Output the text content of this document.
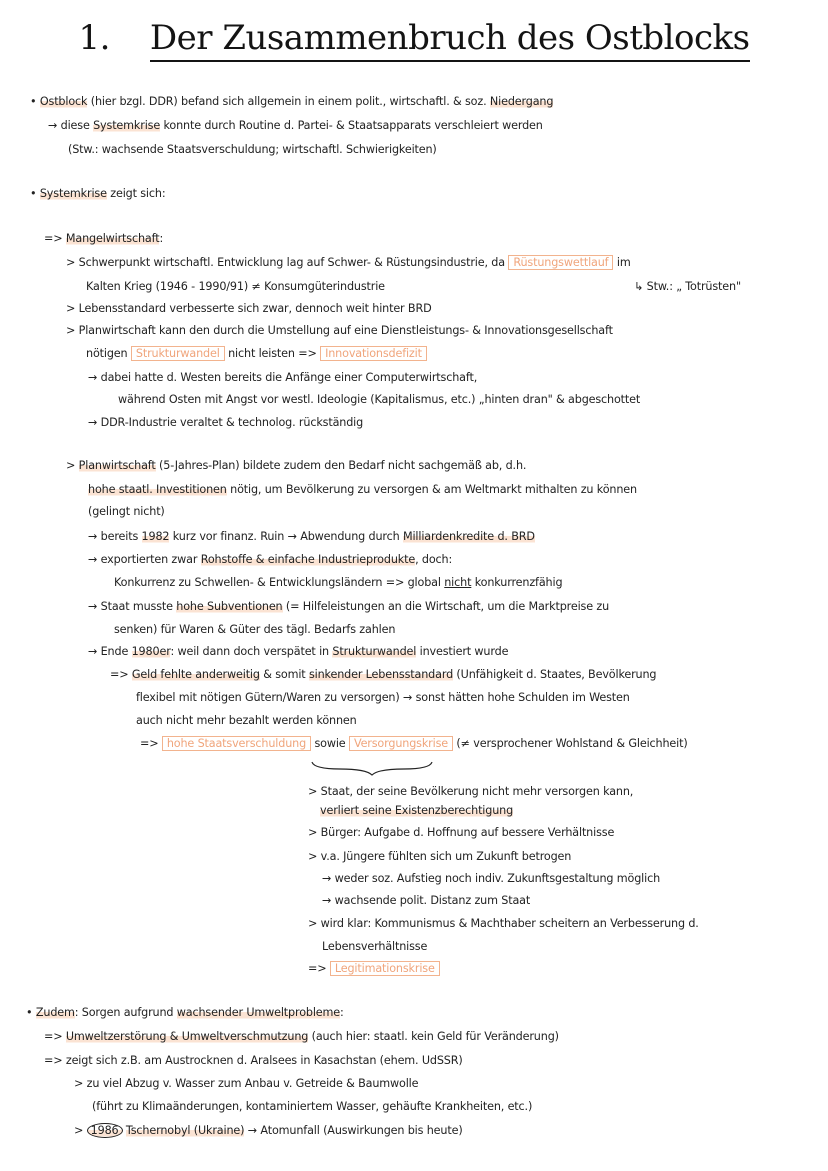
1. Der Zusammenbruch des Ostblocks
• Ostblock (hier bzgl. DDR) befand sich allgemein in einem polit., wirtschaftl. & soz. Niedergang
→ diese Systemkrise konnte durch Routine d. Partei- & Staatsapparats verschleiert werden
(Stw.: wachsende Staatsverschuldung; wirtschaftl. Schwierigkeiten)
• Systemkrise zeigt sich:
=> Mangelwirtschaft:
> Schwerpunkt wirtschaftl. Entwicklung lag auf Schwer- & Rüstungsindustrie, da Rüstungswettlauf im
Kalten Krieg (1946 - 1990/91) ≠ Konsumgüterindustrie	↳ Stw.: „ Totrüsten"
> Lebensstandard verbesserte sich zwar, dennoch weit hinter BRD
> Planwirtschaft kann den durch die Umstellung auf eine Dienstleistungs- & Innovationsgesellschaft
nötigen Strukturwandel nicht leisten => Innovationsdefizit
→ dabei hatte d. Westen bereits die Anfänge einer Computerwirtschaft,
während Osten mit Angst vor westl. Ideologie (Kapitalismus, etc.) „hinten dran" & abgeschottet
→ DDR-Industrie veraltet & technolog. rückständig
> Planwirtschaft (5-Jahres-Plan) bildete zudem den Bedarf nicht sachgemäß ab, d.h.
hohe staatl. Investitionen nötig, um Bevölkerung zu versorgen & am Weltmarkt mithalten zu können
(gelingt nicht)
→ bereits 1982 kurz vor finanz. Ruin → Abwendung durch Milliardenkredite d. BRD
→ exportierten zwar Rohstoffe & einfache Industrieprodukte, doch:
Konkurrenz zu Schwellen- & Entwicklungsländern => global nicht konkurrenzfähig
→ Staat musste hohe Subventionen (= Hilfeleistungen an die Wirtschaft, um die Marktpreise zu
senken) für Waren & Güter des tägl. Bedarfs zahlen
→ Ende 1980er: weil dann doch verspätet in Strukturwandel investiert wurde
=> Geld fehlte anderweitig & somit sinkender Lebensstandard (Unfähigkeit d. Staates, Bevölkerung
flexibel mit nötigen Gütern/Waren zu versorgen) → sonst hätten hohe Schulden im Westen
auch nicht mehr bezahlt werden können
=> hohe Staatsverschuldung sowie Versorgungskrise (≠ versprochener Wohlstand & Gleichheit)
> Staat, der seine Bevölkerung nicht mehr versorgen kann,
verliert seine Existenzberechtigung
> Bürger: Aufgabe d. Hoffnung auf bessere Verhältnisse
> v.a. Jüngere fühlten sich um Zukunft betrogen
→ weder soz. Aufstieg noch indiv. Zukunftsgestaltung möglich
→ wachsende polit. Distanz zum Staat
> wird klar: Kommunismus & Machthaber scheitern an Verbesserung d.
Lebensverhältnisse
=> Legitimationskrise
• Zudem: Sorgen aufgrund wachsender Umweltprobleme:
=> Umweltzerstörung & Umweltverschmutzung (auch hier: staatl. kein Geld für Veränderung)
=> zeigt sich z.B. am Austrocknen d. Aralsees in Kasachstan (ehem. UdSSR)
> zu viel Abzug v. Wasser zum Anbau v. Getreide & Baumwolle
(führt zu Klimaänderungen, kontaminiertem Wasser, gehäufte Krankheiten, etc.)
> 1986 Tschernobyl (Ukraine) → Atomunfall (Auswirkungen bis heute)
